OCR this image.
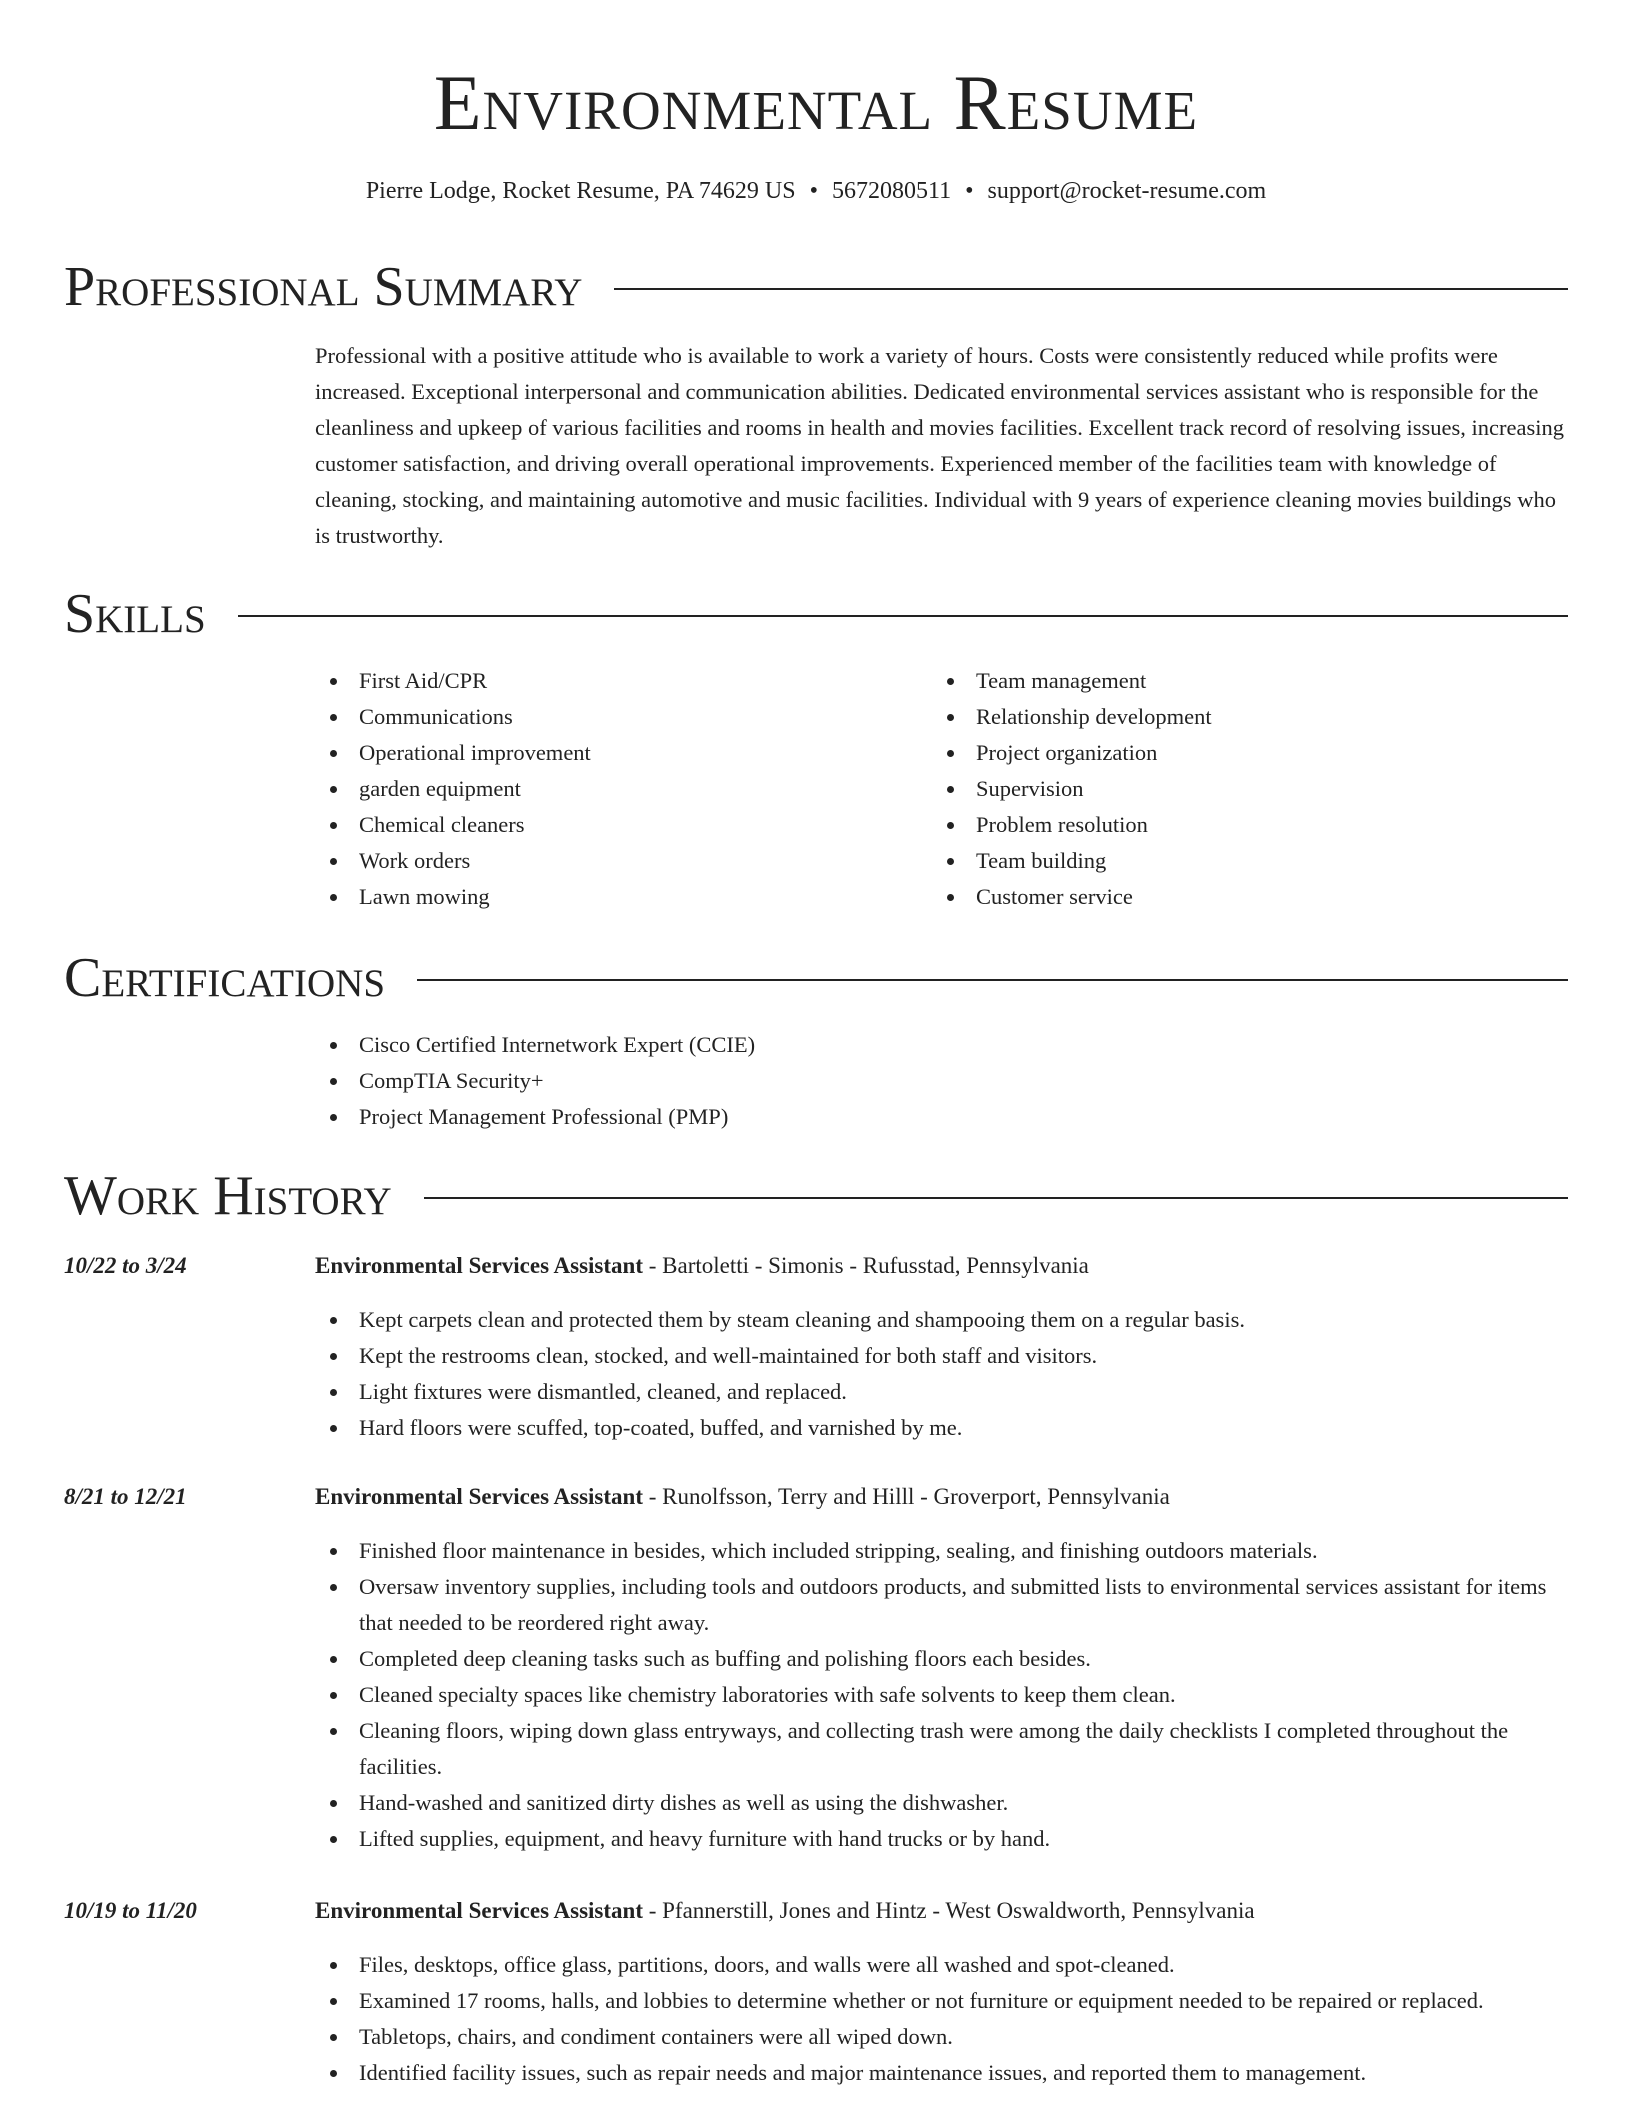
Environmental Resume
Pierre Lodge, Rocket Resume, PA 74629 US • 5672080511 • support@rocket-resume.com
Professional Summary
Professional with a positive attitude who is available to work a variety of hours. Costs were consistently reduced while profits were increased. Exceptional interpersonal and communication abilities. Dedicated environmental services assistant who is responsible for the cleanliness and upkeep of various facilities and rooms in health and movies facilities. Excellent track record of resolving issues, increasing customer satisfaction, and driving overall operational improvements. Experienced member of the facilities team with knowledge of cleaning, stocking, and maintaining automotive and music facilities. Individual with 9 years of experience cleaning movies buildings who is trustworthy.
Skills
First Aid/CPR
Communications
Operational improvement
garden equipment
Chemical cleaners
Work orders
Lawn mowing
Team management
Relationship development
Project organization
Supervision
Problem resolution
Team building
Customer service
Certifications
Cisco Certified Internetwork Expert (CCIE)
CompTIA Security+
Project Management Professional (PMP)
Work History
10/22 to 3/24	Environmental Services Assistant - Bartoletti - Simonis - Rufusstad, Pennsylvania
Kept carpets clean and protected them by steam cleaning and shampooing them on a regular basis.
Kept the restrooms clean, stocked, and well-maintained for both staff and visitors.
Light fixtures were dismantled, cleaned, and replaced.
Hard floors were scuffed, top-coated, buffed, and varnished by me.
8/21 to 12/21	Environmental Services Assistant - Runolfsson, Terry and Hilll - Groverport, Pennsylvania
Finished floor maintenance in besides, which included stripping, sealing, and finishing outdoors materials.
Oversaw inventory supplies, including tools and outdoors products, and submitted lists to environmental services assistant for items that needed to be reordered right away.
Completed deep cleaning tasks such as buffing and polishing floors each besides.
Cleaned specialty spaces like chemistry laboratories with safe solvents to keep them clean.
Cleaning floors, wiping down glass entryways, and collecting trash were among the daily checklists I completed throughout the facilities.
Hand-washed and sanitized dirty dishes as well as using the dishwasher.
Lifted supplies, equipment, and heavy furniture with hand trucks or by hand.
10/19 to 11/20	Environmental Services Assistant - Pfannerstill, Jones and Hintz - West Oswaldworth, Pennsylvania
Files, desktops, office glass, partitions, doors, and walls were all washed and spot-cleaned.
Examined 17 rooms, halls, and lobbies to determine whether or not furniture or equipment needed to be repaired or replaced.
Tabletops, chairs, and condiment containers were all wiped down.
Identified facility issues, such as repair needs and major maintenance issues, and reported them to management.
